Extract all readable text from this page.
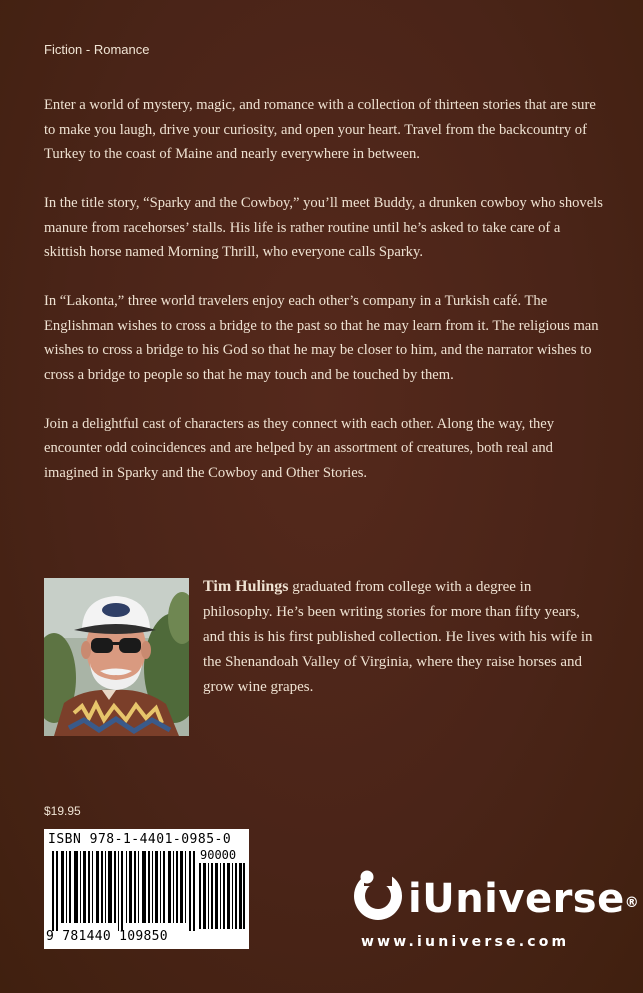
Fiction - Romance

Enter a world of mystery, magic, and romance with a collection of thirteen stories that are sure to make you laugh, drive your curiosity, and open your heart. Travel from the backcountry of Turkey to the coast of Maine and nearly everywhere in between.

In the title story, “Sparky and the Cowboy,” you’ll meet Buddy, a drunken cowboy who shovels manure from racehorses’ stalls. His life is rather routine until he’s asked to take care of a skittish horse named Morning Thrill, who everyone calls Sparky.

In “Lakonta,” three world travelers enjoy each other’s company in a Turkish café. The Englishman wishes to cross a bridge to the past so that he may learn from it. The religious man wishes to cross a bridge to his God so that he may be closer to him, and the narrator wishes to cross a bridge to people so that he may touch and be touched by them.

Join a delightful cast of characters as they connect with each other. Along the way, they encounter odd coincidences and are helped by an assortment of creatures, both real and imagined in Sparky and the Cowboy and Other Stories.

Tim Hulings graduated from college with a degree in philosophy. He’s been writing stories for more than fifty years, and this is his first published collection. He lives with his wife in the Shenandoah Valley of Virginia, where they raise horses and grow wine grapes.
$19.95
ISBN 978-1-4401-0985-0
90000
9 781440 109850
iUniverse®
www.iuniverse.com
